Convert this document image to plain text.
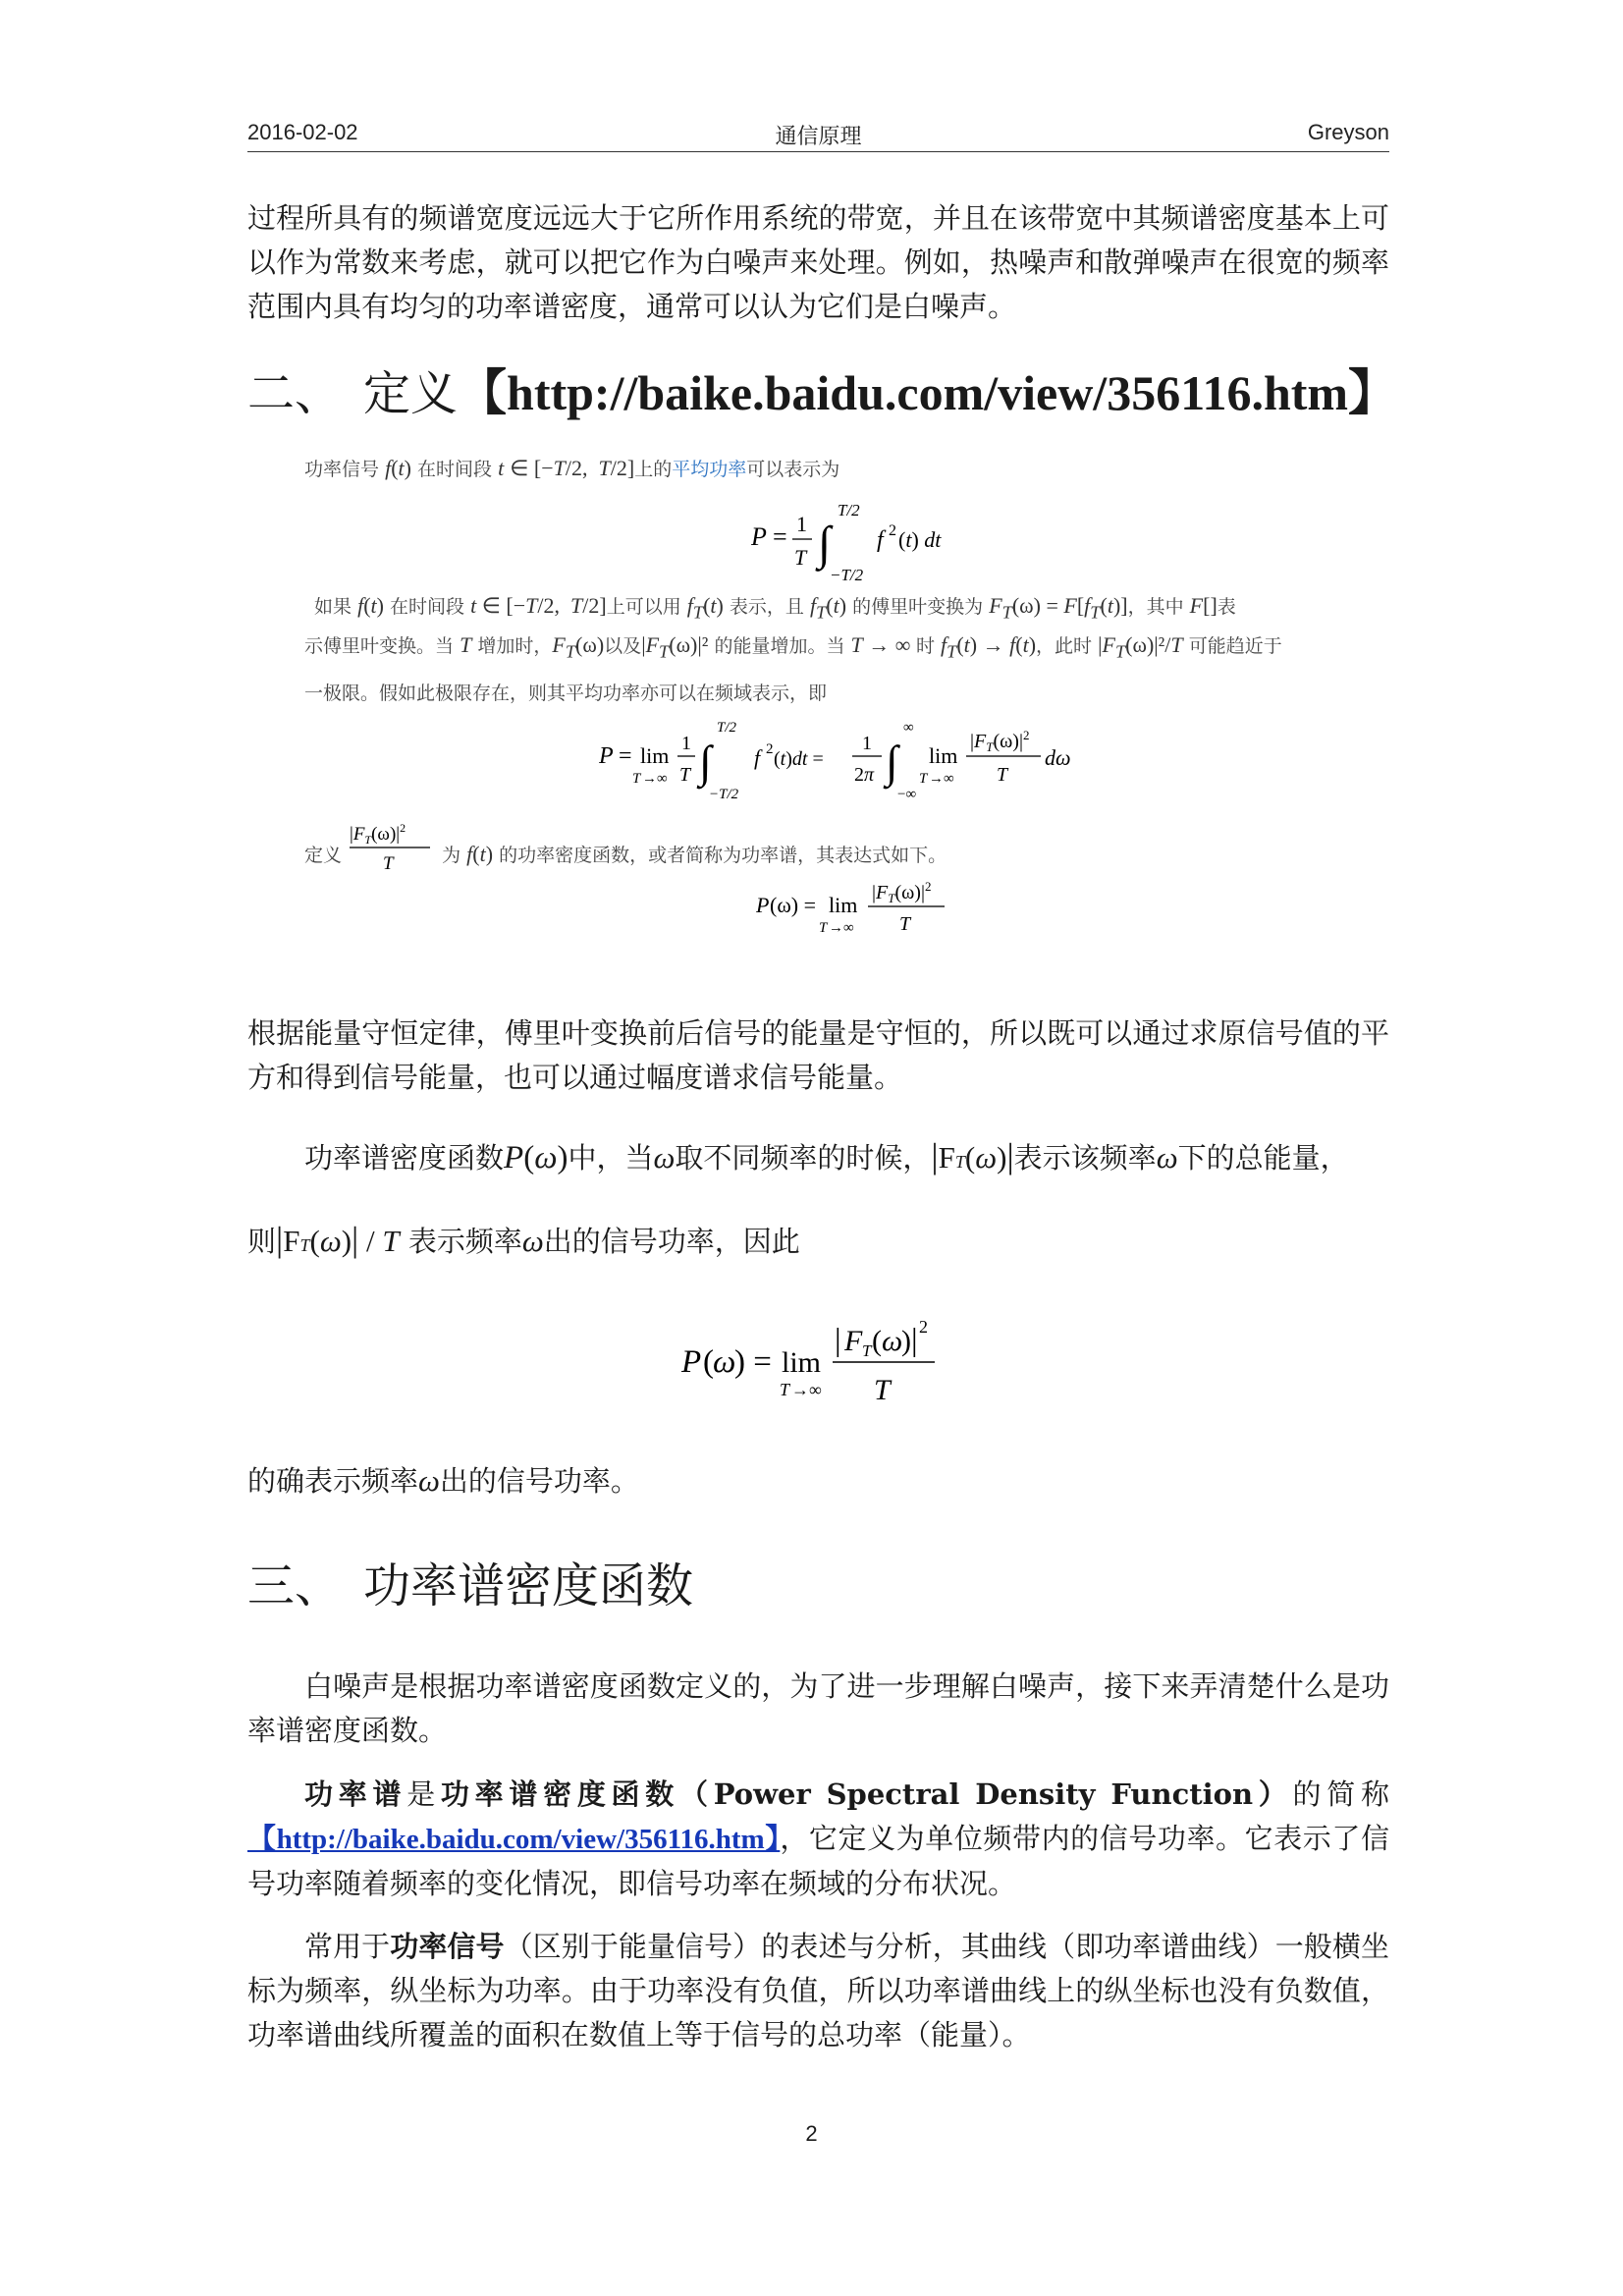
2016-02-02	通信原理	Greyson

过程所具有的频谱宽度远远大于它所作用系统的带宽，并且在该带宽中其频谱密度基本上可以作为常数来考虑，就可以把它作为白噪声来处理。例如，热噪声和散弹噪声在很宽的频率范围内具有均匀的功率谱密度，通常可以认为它们是白噪声。

二、 定义【http://baike.baidu.com/view/356116.htm】
功率信号 f(t) 在时间段 t ∈ [−T/2,  T/2]上的平均功率可以表示为
P = 1
T ∫
T/2
−T/2
f 2 (t) dt
如果 f(t) 在时间段 t ∈ [−T/2,  T/2]上可以用 $f_T(t)$ 表示，且 $f_T(t)$ 的傅里叶变换为 $F_T(\omega) = F[f_T(t)]$，其中 F[]表
示傅里叶变换。当 T 增加时，$F_T(\omega)$以及$|F_T(\omega)|^2$ 的能量增加。当 T → ∞ 时 $f_T(t) \to f(t)$，此时 $|F_T(\omega)|^2/T$ 可能趋近于
一极限。假如此极限存在，则其平均功率亦可以在频域表示，即
P = lim
T →∞
1
T ∫
T/2
−T/2
f 2 (t)dt =
1
2π ∫
∞
−∞
lim
T →∞
$|F_T(\omega)|^2$
T
dω
定义
$|F_T(\omega)|^2$
T	为 f(t) 的功率密度函数，或者简称为功率谱，其表达式如下。
P (ω) = lim
T →∞
$|F_T(\omega)|^2$
T

根据能量守恒定律，傅里叶变换前后信号的能量是守恒的，所以既可以通过求原信号值的平方和得到信号能量，也可以通过幅度谱求信号能量。

功率谱密度函数P(ω)中，当ω取不同频率的时候，|FT(ω)|表示该频率ω下的总能量，

则|FT(ω)| / T 表示频率ω出的信号功率，因此

P ( ω
) = lim
T →∞
| F T ( ω
) | 2
T

的确表示频率ω出的信号功率。

三、 功率谱密度函数

白噪声是根据功率谱密度函数定义的，为了进一步理解白噪声，接下来弄清楚什么是功率谱密度函数。

功率谱是功率谱密度函数（Power Spectral Density Function）的简称【http://baike.baidu.com/view/356116.htm】，它定义为单位频带内的信号功率。它表示了信号功率随着频率的变化情况，即信号功率在频域的分布状况。

常用于功率信号（区别于能量信号）的表述与分析，其曲线（即功率谱曲线）一般横坐标为频率，纵坐标为功率。由于功率没有负值，所以功率谱曲线上的纵坐标也没有负数值，功率谱曲线所覆盖的面积在数值上等于信号的总功率（能量）。

2
